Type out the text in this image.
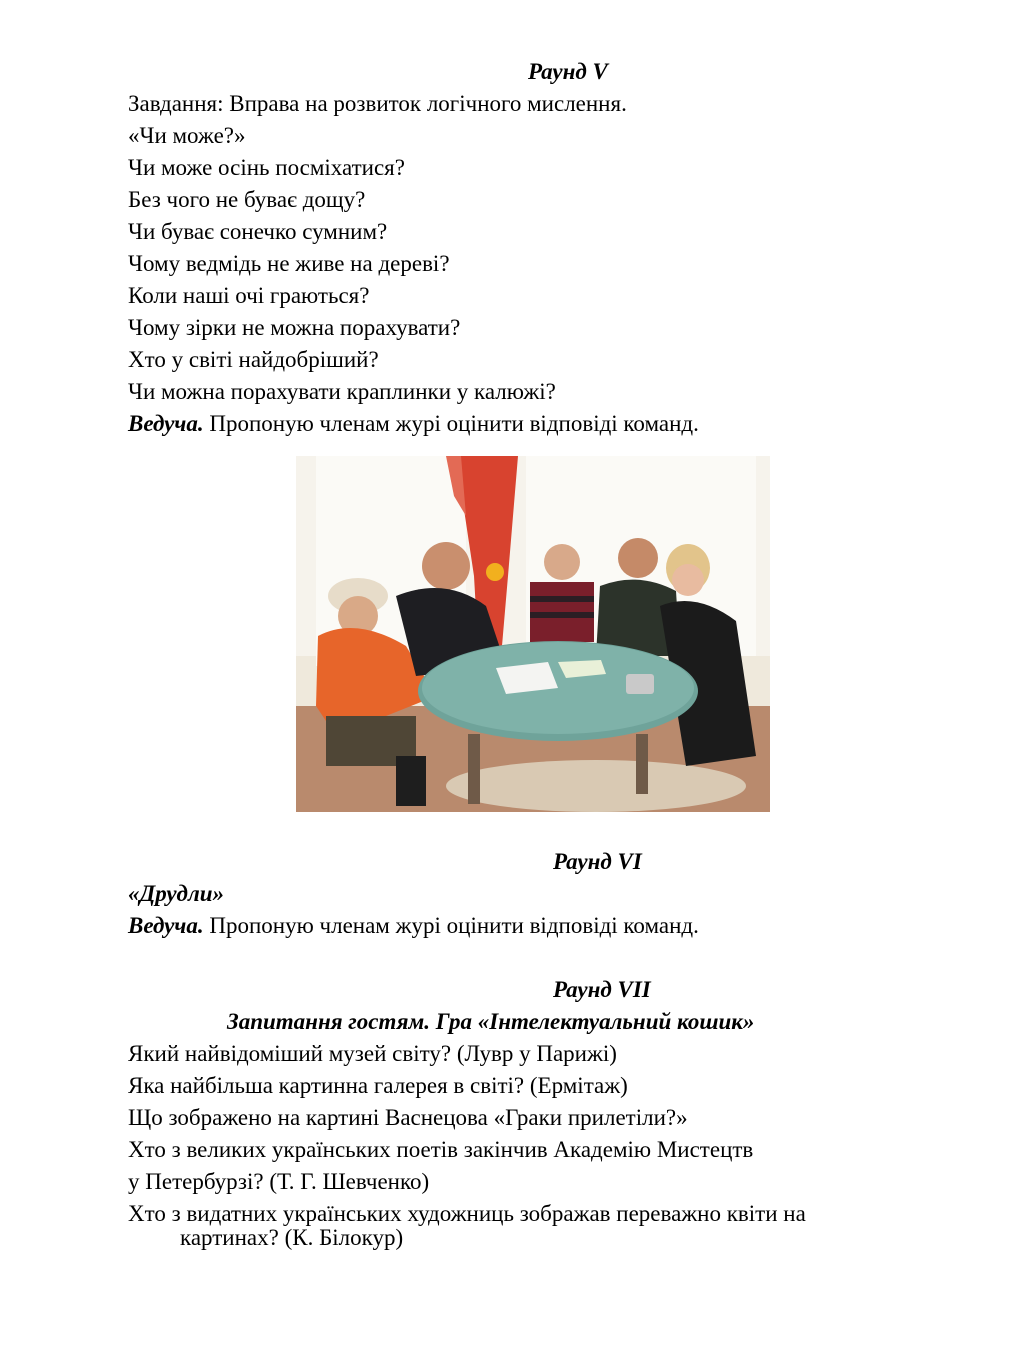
Раунд V
Завдання: Вправа на розвиток логічного мислення.
«Чи може?»
Чи може осінь посміхатися?
Без чого не буває дощу?
Чи буває сонечко сумним?
Чому ведмідь не живе на дереві?
Коли наші очі граються?
Чому зірки не можна порахувати?
Хто у світі найдобріший?
Чи можна порахувати краплинки у калюжі?
Ведуча. Пропоную членам журі оцінити відповіді команд.
Раунд VI
«Друдли»
Ведуча. Пропоную членам журі оцінити відповіді команд.
Раунд VII
Запитання гостям. Гра «Інтелектуальний кошик»
Який найвідоміший музей світу? (Лувр у Парижі)
Яка найбільша картинна галерея в світі? (Ермітаж)
Що зображено на картині Васнецова «Граки прилетіли?»
Хто з великих українських поетів закінчив Академію Мистецтв
у Петербурзі? (Т. Г. Шевченко)
Хто з видатних українських художниць зображав переважно квіти на
картинах? (К. Білокур)
